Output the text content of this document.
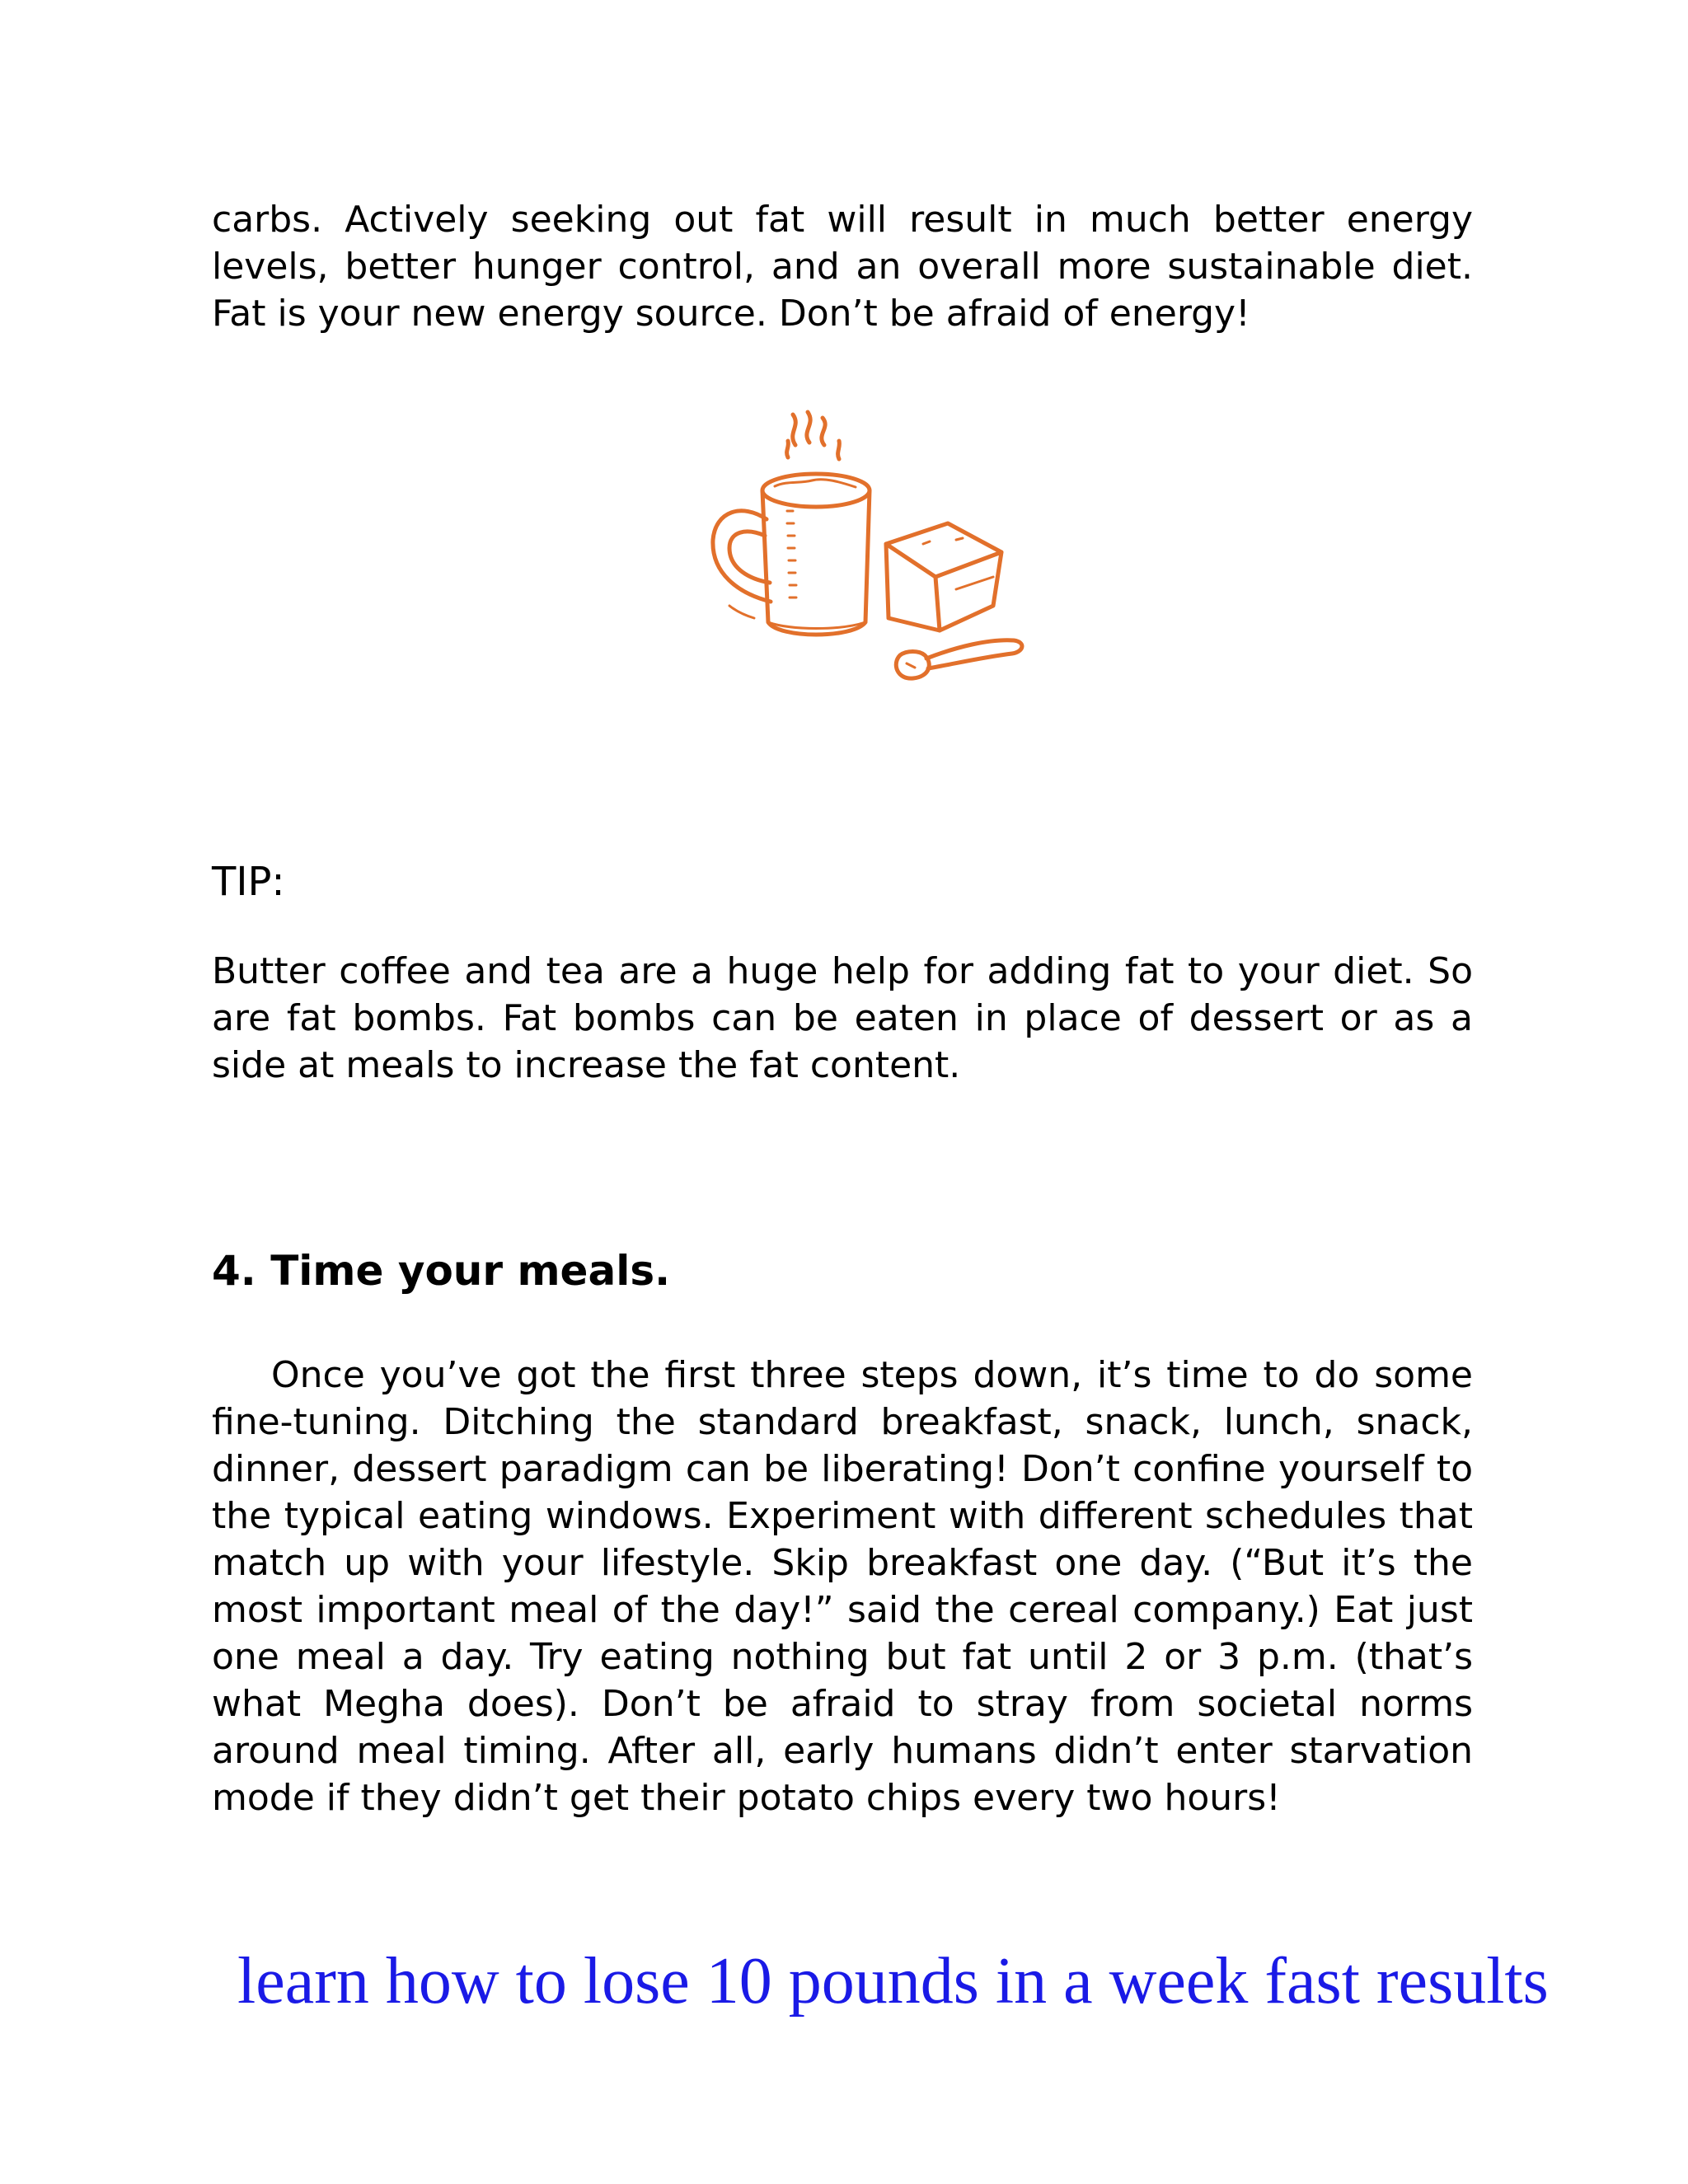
carbs. Actively seeking out fat will result in much better energy levels, better hunger control, and an overall more sustainable diet. Fat is your new energy source. Don’t be afraid of energy!

TIP:

Butter coffee and tea are a huge help for adding fat to your diet. So are fat bombs. Fat bombs can be eaten in place of dessert or as a side at meals to increase the fat content.

4. Time your meals.

Once you’ve got the first three steps down, it’s time to do some fine-tuning. Ditching the standard breakfast, snack, lunch, snack, dinner, dessert paradigm can be liberating! Don’t confine yourself to the typical eating windows. Experiment with different schedules that match up with your lifestyle. Skip breakfast one day. (“But it’s the most important meal of the day!” said the cereal company.) Eat just one meal a day. Try eating nothing but fat until 2 or 3 p.m. (that’s what Megha does). Don’t be afraid to stray from societal norms around meal timing. After all, early humans didn’t enter starvation mode if they didn’t get their potato chips every two hours!

learn how to lose 10 pounds in a week fast results
